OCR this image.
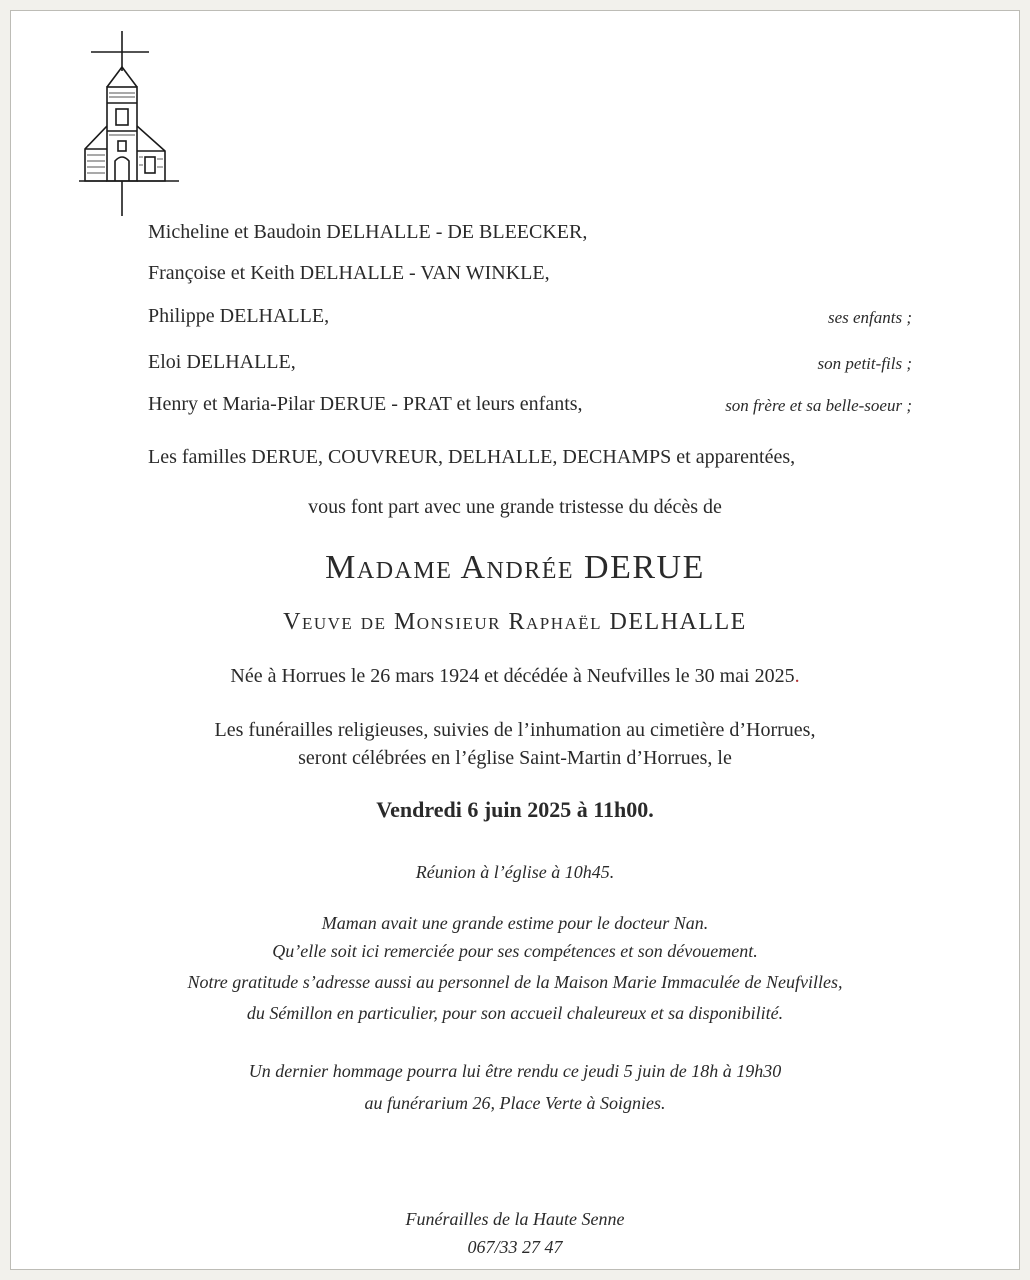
Micheline et Baudoin DELHALLE - DE BLEECKER,
Françoise et Keith DELHALLE - VAN WINKLE,
Philippe DELHALLE,	ses enfants ;
Eloi DELHALLE,	son petit-fils ;
Henry et Maria-Pilar DERUE - PRAT et leurs enfants,	son frère et sa belle-soeur ;
Les familles DERUE, COUVREUR, DELHALLE, DECHAMPS et apparentées,
vous font part avec une grande tristesse du décès de
Madame Andrée DERUE
Veuve de Monsieur Raphaël DELHALLE
Née à Horrues le 26 mars 1924 et décédée à Neufvilles le 30 mai 2025.
Les funérailles religieuses, suivies de l’inhumation au cimetière d’Horrues,
seront célébrées en l’église Saint-Martin d’Horrues, le
Vendredi 6 juin 2025 à 11h00.
Réunion à l’église à 10h45.
Maman avait une grande estime pour le docteur Nan.
Qu’elle soit ici remerciée pour ses compétences et son dévouement.
Notre gratitude s’adresse aussi au personnel de la Maison Marie Immaculée de Neufvilles,
du Sémillon en particulier, pour son accueil chaleureux et sa disponibilité.
Un dernier hommage pourra lui être rendu ce jeudi 5 juin de 18h à 19h30
au funérarium 26, Place Verte à Soignies.
Funérailles de la Haute Senne
067/33 27 47
